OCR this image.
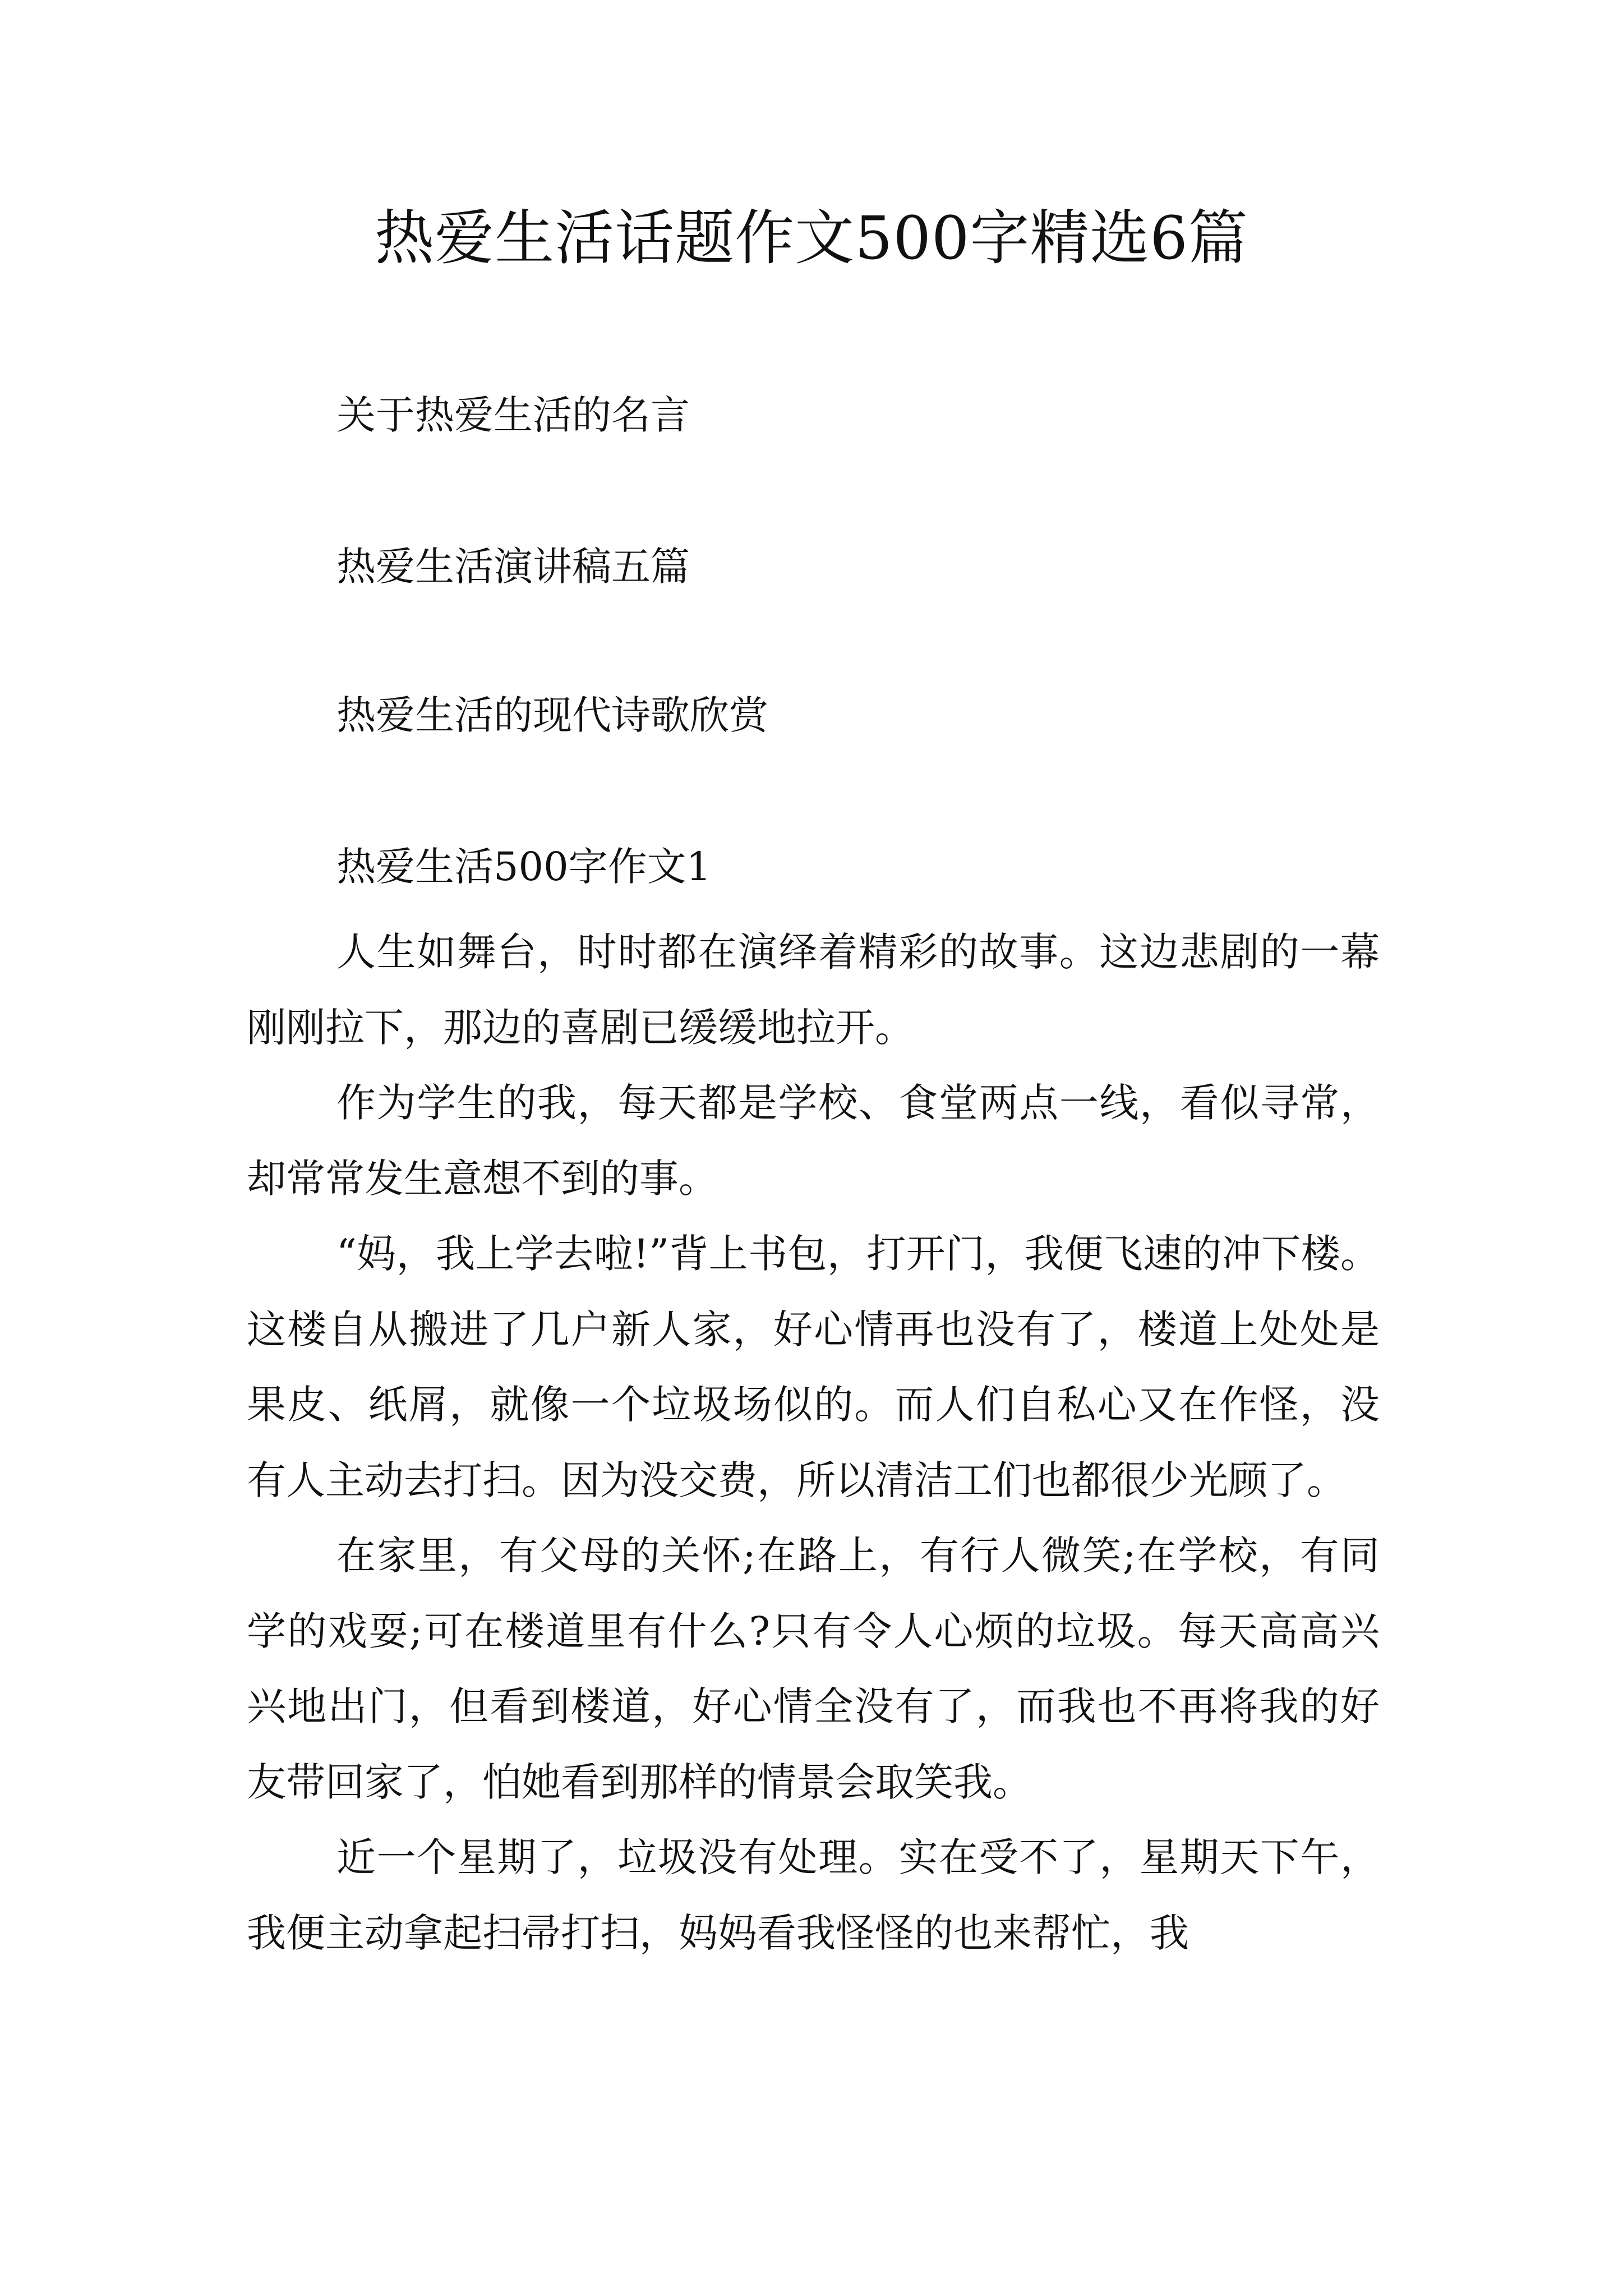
热爱生活话题作文500字精选6篇
关于热爱生活的名言
热爱生活演讲稿五篇
热爱生活的现代诗歌欣赏
热爱生活500字作文1

人生如舞台，时时都在演绎着精彩的故事。这边悲剧的一幕刚刚拉下，那边的喜剧已缓缓地拉开。

作为学生的我，每天都是学校、食堂两点一线，看似寻常，却常常发生意想不到的事。

“妈，我上学去啦!”背上书包，打开门，我便飞速的冲下楼。这楼自从搬进了几户新人家，好心情再也没有了，楼道上处处是果皮、纸屑，就像一个垃圾场似的。而人们自私心又在作怪，没有人主动去打扫。因为没交费，所以清洁工们也都很少光顾了。

在家里，有父母的关怀;在路上，有行人微笑;在学校，有同学的戏耍;可在楼道里有什么?只有令人心烦的垃圾。每天高高兴兴地出门，但看到楼道，好心情全没有了，而我也不再将我的好友带回家了，怕她看到那样的情景会取笑我。

近一个星期了，垃圾没有处理。实在受不了，星期天下午，我便主动拿起扫帚打扫，妈妈看我怪怪的也来帮忙，我
